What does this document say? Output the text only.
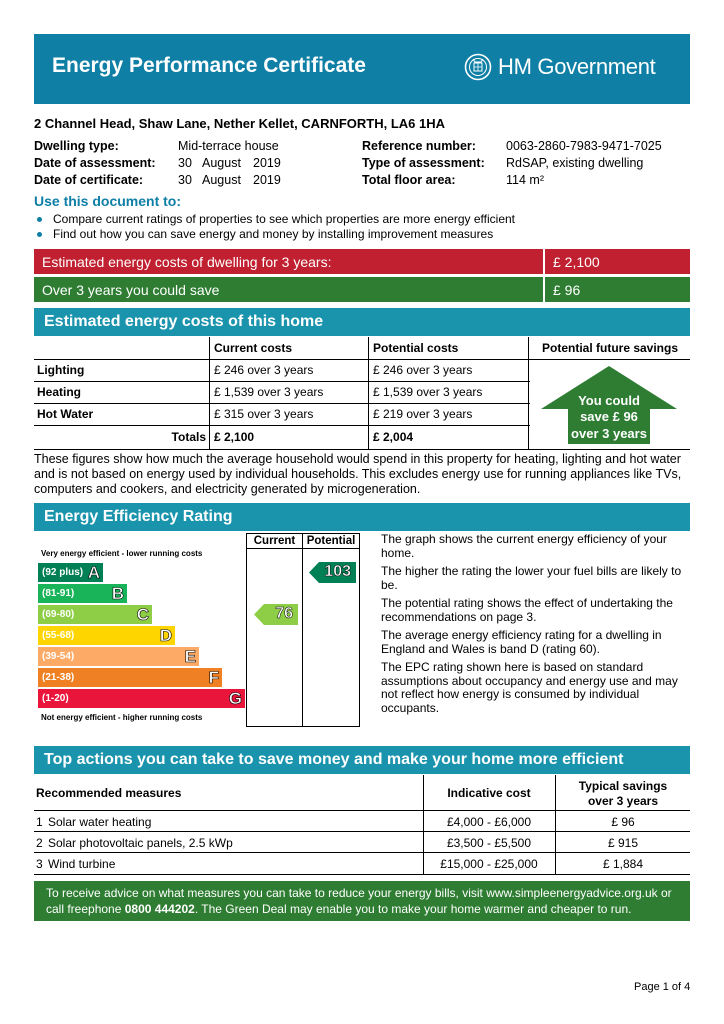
Energy Performance Certificate	HM Government
2 Channel Head, Shaw Lane, Nether Kellet, CARNFORTH, LA6 1HA
Dwelling type:	Mid-terrace house
Date of assessment: 30 August 2019
Date of certificate:	30 August 2019
Reference number: 0063-2860-7983-9471-7025
Type of assessment: RdSAP, existing dwelling
Total floor area:	114 m²
Use this document to:
Compare current ratings of properties to see which properties are more energy efficient
Find out how you can save energy and money by installing improvement measures
Estimated energy costs of dwelling for 3 years:	£ 2,100
Over 3 years you could save	£ 96
Estimated energy costs of this home
Current costs	Potential costs	Potential future savings
Lighting	£ 246 over 3 years	£ 246 over 3 years
Heating	£ 1,539 over 3 years	£ 1,539 over 3 years
Hot Water	£ 315 over 3 years	£ 219 over 3 years
Totals £ 2,100	£ 2,004
You could
save £ 96
over 3 years
These figures show how much the average household would spend in this property for heating, lighting and hot water and is not based on energy used by individual households. This excludes energy use for running appliances like TVs, computers and cookers, and electricity generated by microgeneration.
Energy Efficiency Rating
Current Potential
Very energy efficient - lower running costs
Not energy efficient - higher running costs
(92 plus) A
(81-91) B
(69-80)	C
(55-68)	D
(39-54)	E
(21-38)	F
(1-20)	G
76
103

The graph shows the current energy efficiency of your home.

The higher the rating the lower your fuel bills are likely to be.

The potential rating shows the effect of undertaking the recommendations on page 3.

The average energy efficiency rating for a dwelling in England and Wales is band D (rating 60).

The EPC rating shown here is based on standard assumptions about occupancy and energy use and may not reflect how energy is consumed by individual occupants.

Top actions you can take to save money and make your home more efficient
Recommended measures	Indicative cost	Typical savings
over 3 years
1 Solar water heating	£4,000 - £6,000	£ 96
2 Solar photovoltaic panels, 2.5 kWp	£3,500 - £5,500	£ 915
3 Wind turbine	£15,000 - £25,000	£ 1,884
To receive advice on what measures you can take to reduce your energy bills, visit www.simpleenergyadvice.org.uk or
call freephone 0800 444202. The Green Deal may enable you to make your home warmer and cheaper to run.
Page 1 of 4
